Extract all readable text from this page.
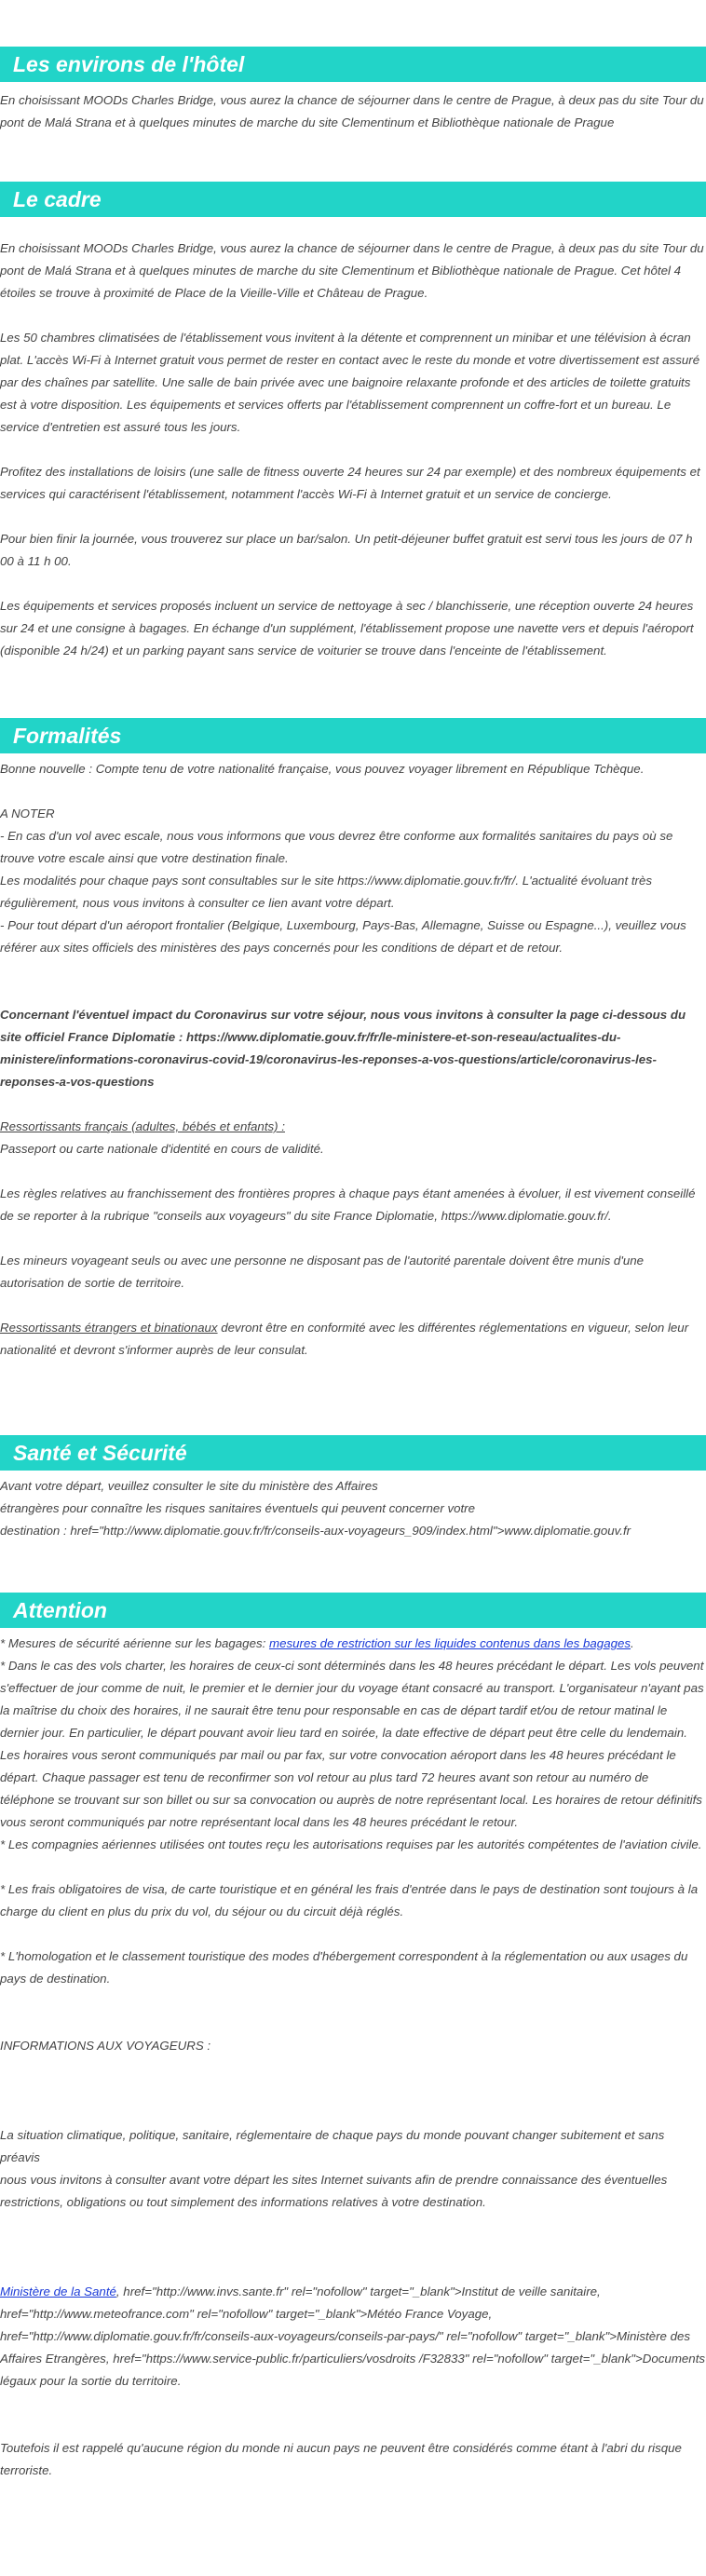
Les environs de l'hôtel

En choisissant MOODs Charles Bridge, vous aurez la chance de séjourner dans le centre de Prague, à deux pas du site Tour du pont de Malá Strana et à quelques minutes de marche du site Clementinum et Bibliothèque nationale de Prague

Le cadre

En choisissant MOODs Charles Bridge, vous aurez la chance de séjourner dans le centre de Prague, à deux pas du site Tour du pont de Malá Strana et à quelques minutes de marche du site Clementinum et Bibliothèque nationale de Prague. Cet hôtel 4 étoiles se trouve à proximité de Place de la Vieille-Ville et Château de Prague.

Les 50 chambres climatisées de l'établissement vous invitent à la détente et comprennent un minibar et une télévision à écran plat. L'accès Wi-Fi à Internet gratuit vous permet de rester en contact avec le reste du monde et votre divertissement est assuré par des chaînes par satellite. Une salle de bain privée avec une baignoire relaxante profonde et des articles de toilette gratuits est à votre disposition. Les équipements et services offerts par l'établissement comprennent un coffre-fort et un bureau. Le service d'entretien est assuré tous les jours.

Profitez des installations de loisirs (une salle de fitness ouverte 24 heures sur 24 par exemple) et des nombreux équipements et services qui caractérisent l'établissement, notamment l'accès Wi-Fi à Internet gratuit et un service de concierge.

Pour bien finir la journée, vous trouverez sur place un bar/salon. Un petit-déjeuner buffet gratuit est servi tous les jours de 07 h 00 à 11 h 00.

Les équipements et services proposés incluent un service de nettoyage à sec / blanchisserie, une réception ouverte 24 heures sur 24 et une consigne à bagages. En échange d'un supplément, l'établissement propose une navette vers et depuis l'aéroport (disponible 24 h/24) et un parking payant sans service de voiturier se trouve dans l'enceinte de l'établissement.

Formalités

Bonne nouvelle : Compte tenu de votre nationalité française, vous pouvez voyager librement en République Tchèque.

A NOTER

- En cas d'un vol avec escale, nous vous informons que vous devrez être conforme aux formalités sanitaires du pays où se trouve votre escale ainsi que votre destination finale.

Les modalités pour chaque pays sont consultables sur le site https://www.diplomatie.gouv.fr/fr/. L'actualité évoluant très régulièrement, nous vous invitons à consulter ce lien avant votre départ.

- Pour tout départ d'un aéroport frontalier (Belgique, Luxembourg, Pays-Bas, Allemagne, Suisse ou Espagne...), veuillez vous référer aux sites officiels des ministères des pays concernés pour les conditions de départ et de retour.

Concernant l'éventuel impact du Coronavirus sur votre séjour, nous vous invitons à consulter la page ci-dessous du site officiel France Diplomatie : https://www.diplomatie.gouv.fr/fr/le-ministere-et-son-reseau/actualites-du-ministere/informations-coronavirus-covid-19/coronavirus-les-reponses-a-vos-questions/article/coronavirus-les-reponses-a-vos-questions

Ressortissants français (adultes, bébés et enfants) :

Passeport ou carte nationale d'identité en cours de validité.

Les règles relatives au franchissement des frontières propres à chaque pays étant amenées à évoluer, il est vivement conseillé de se reporter à la rubrique "conseils aux voyageurs" du site France Diplomatie, https://www.diplomatie.gouv.fr/.

Les mineurs voyageant seuls ou avec une personne ne disposant pas de l'autorité parentale doivent être munis d'une autorisation de sortie de territoire.

Ressortissants étrangers et binationaux devront être en conformité avec les différentes réglementations en vigueur, selon leur nationalité et devront s'informer auprès de leur consulat.

Santé et Sécurité

Avant votre départ, veuillez consulter le site du ministère des Affaires

étrangères pour connaître les risques sanitaires éventuels qui peuvent concerner votre

destination : href="http://www.diplomatie.gouv.fr/fr/conseils-aux-voyageurs_909/index.html">www.diplomatie.gouv.fr

Attention

* Mesures de sécurité aérienne sur les bagages: mesures de restriction sur les liquides contenus dans les bagages.

* Dans le cas des vols charter, les horaires de ceux-ci sont déterminés dans les 48 heures précédant le départ. Les vols peuvent s'effectuer de jour comme de nuit, le premier et le dernier jour du voyage étant consacré au transport. L'organisateur n'ayant pas la maîtrise du choix des horaires, il ne saurait être tenu pour responsable en cas de départ tardif et/ou de retour matinal le dernier jour. En particulier, le départ pouvant avoir lieu tard en soirée, la date effective de départ peut être celle du lendemain. Les horaires vous seront communiqués par mail ou par fax, sur votre convocation aéroport dans les 48 heures précédant le départ. Chaque passager est tenu de reconfirmer son vol retour au plus tard 72 heures avant son retour au numéro de téléphone se trouvant sur son billet ou sur sa convocation ou auprès de notre représentant local. Les horaires de retour définitifs vous seront communiqués par notre représentant local dans les 48 heures précédant le retour.

* Les compagnies aériennes utilisées ont toutes reçu les autorisations requises par les autorités compétentes de l'aviation civile.

* Les frais obligatoires de visa, de carte touristique et en général les frais d'entrée dans le pays de destination sont toujours à la charge du client en plus du prix du vol, du séjour ou du circuit déjà réglés.

* L'homologation et le classement touristique des modes d'hébergement correspondent à la réglementation ou aux usages du pays de destination.

INFORMATIONS AUX VOYAGEURS :

La situation climatique, politique, sanitaire, réglementaire de chaque pays du monde pouvant changer subitement et sans préavis

nous vous invitons à consulter avant votre départ les sites Internet suivants afin de prendre connaissance des éventuelles restrictions, obligations ou tout simplement des informations relatives à votre destination.

Ministère de la Santé, href="http://www.invs.sante.fr" rel="nofollow" target="_blank">Institut de veille sanitaire, href="http://www.meteofrance.com" rel="nofollow" target="_blank">Météo France Voyage, href="http://www.diplomatie.gouv.fr/fr/conseils-aux-voyageurs/conseils-par-pays/" rel="nofollow" target="_blank">Ministère des Affaires Etrangères, href="https://www.service-public.fr/particuliers/vosdroits /F32833" rel="nofollow" target="_blank">Documents légaux pour la sortie du territoire.

Toutefois il est rappelé qu'aucune région du monde ni aucun pays ne peuvent être considérés comme étant à l'abri du risque terroriste.
